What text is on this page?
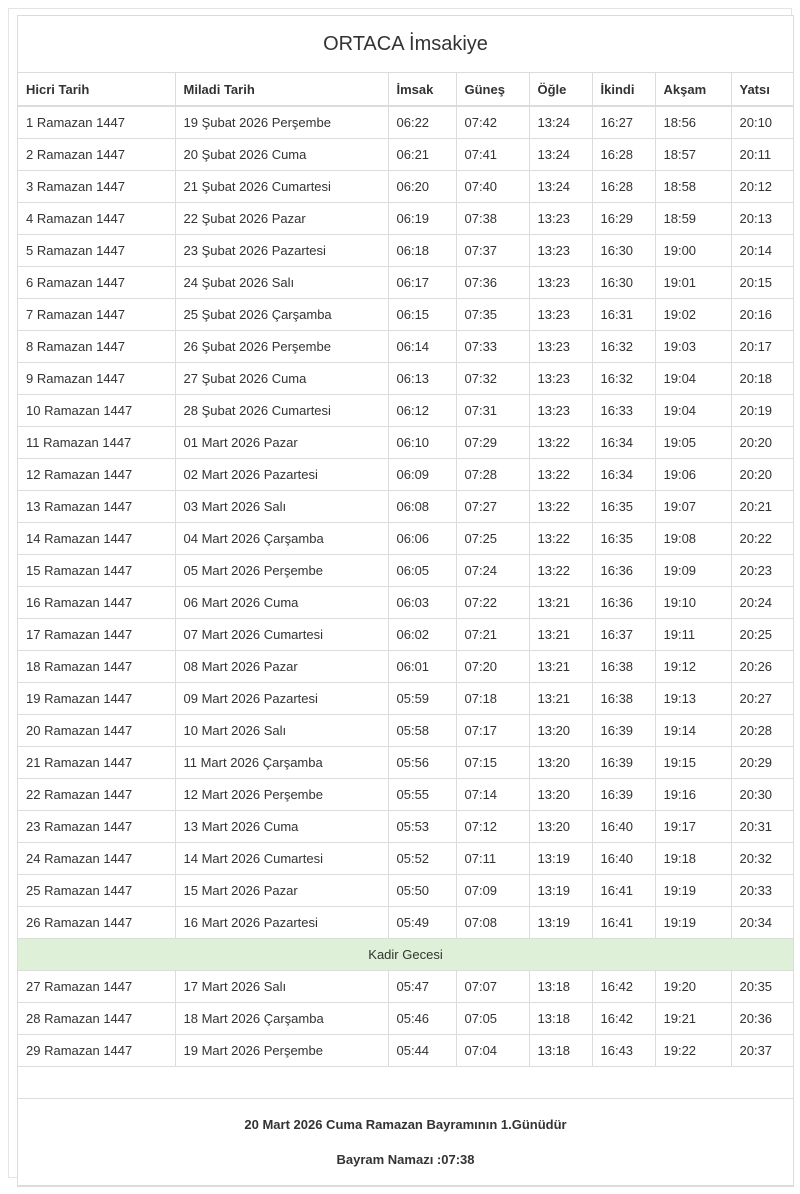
ORTACA İmsakiye
Hicri Tarih	Miladi Tarih	İmsak	Güneş	Öğle	İkindi	Akşam	Yatsı
1 Ramazan 1447	19 Şubat 2026 Perşembe	06:22	07:42	13:24	16:27	18:56	20:10
2 Ramazan 1447	20 Şubat 2026 Cuma	06:21	07:41	13:24	16:28	18:57	20:11
3 Ramazan 1447	21 Şubat 2026 Cumartesi	06:20	07:40	13:24	16:28	18:58	20:12
4 Ramazan 1447	22 Şubat 2026 Pazar	06:19	07:38	13:23	16:29	18:59	20:13
5 Ramazan 1447	23 Şubat 2026 Pazartesi	06:18	07:37	13:23	16:30	19:00	20:14
6 Ramazan 1447	24 Şubat 2026 Salı	06:17	07:36	13:23	16:30	19:01	20:15
7 Ramazan 1447	25 Şubat 2026 Çarşamba	06:15	07:35	13:23	16:31	19:02	20:16
8 Ramazan 1447	26 Şubat 2026 Perşembe	06:14	07:33	13:23	16:32	19:03	20:17
9 Ramazan 1447	27 Şubat 2026 Cuma	06:13	07:32	13:23	16:32	19:04	20:18
10 Ramazan 1447	28 Şubat 2026 Cumartesi	06:12	07:31	13:23	16:33	19:04	20:19
11 Ramazan 1447	01 Mart 2026 Pazar	06:10	07:29	13:22	16:34	19:05	20:20
12 Ramazan 1447	02 Mart 2026 Pazartesi	06:09	07:28	13:22	16:34	19:06	20:20
13 Ramazan 1447	03 Mart 2026 Salı	06:08	07:27	13:22	16:35	19:07	20:21
14 Ramazan 1447	04 Mart 2026 Çarşamba	06:06	07:25	13:22	16:35	19:08	20:22
15 Ramazan 1447	05 Mart 2026 Perşembe	06:05	07:24	13:22	16:36	19:09	20:23
16 Ramazan 1447	06 Mart 2026 Cuma	06:03	07:22	13:21	16:36	19:10	20:24
17 Ramazan 1447	07 Mart 2026 Cumartesi	06:02	07:21	13:21	16:37	19:11	20:25
18 Ramazan 1447	08 Mart 2026 Pazar	06:01	07:20	13:21	16:38	19:12	20:26
19 Ramazan 1447	09 Mart 2026 Pazartesi	05:59	07:18	13:21	16:38	19:13	20:27
20 Ramazan 1447	10 Mart 2026 Salı	05:58	07:17	13:20	16:39	19:14	20:28
21 Ramazan 1447	11 Mart 2026 Çarşamba	05:56	07:15	13:20	16:39	19:15	20:29
22 Ramazan 1447	12 Mart 2026 Perşembe	05:55	07:14	13:20	16:39	19:16	20:30
23 Ramazan 1447	13 Mart 2026 Cuma	05:53	07:12	13:20	16:40	19:17	20:31
24 Ramazan 1447	14 Mart 2026 Cumartesi	05:52	07:11	13:19	16:40	19:18	20:32
25 Ramazan 1447	15 Mart 2026 Pazar	05:50	07:09	13:19	16:41	19:19	20:33
26 Ramazan 1447	16 Mart 2026 Pazartesi	05:49	07:08	13:19	16:41	19:19	20:34
Kadir Gecesi							
27 Ramazan 1447	17 Mart 2026 Salı	05:47	07:07	13:18	16:42	19:20	20:35
28 Ramazan 1447	18 Mart 2026 Çarşamba	05:46	07:05	13:18	16:42	19:21	20:36
29 Ramazan 1447	19 Mart 2026 Perşembe	05:44	07:04	13:18	16:43	19:22	20:37

20 Mart 2026 Cuma Ramazan Bayramının 1.Günüdür
Bayram Namazı :07:38							
